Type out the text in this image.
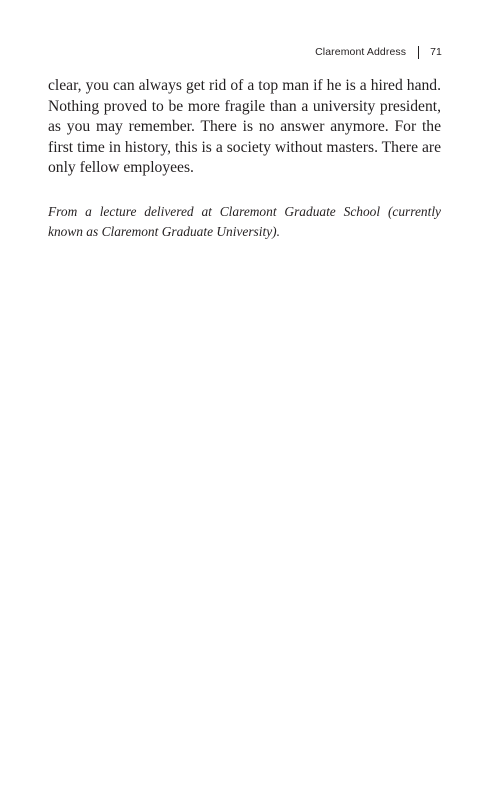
Claremont Address 71

clear, you can always get rid of a top man if he is a hired hand. Nothing proved to be more fragile than a university president, as you may remember. There is no answer anymore. For the first time in history, this is a society without masters. There are only fellow employees.

From a lecture delivered at Claremont Graduate School (currently known as Claremont Graduate University).
